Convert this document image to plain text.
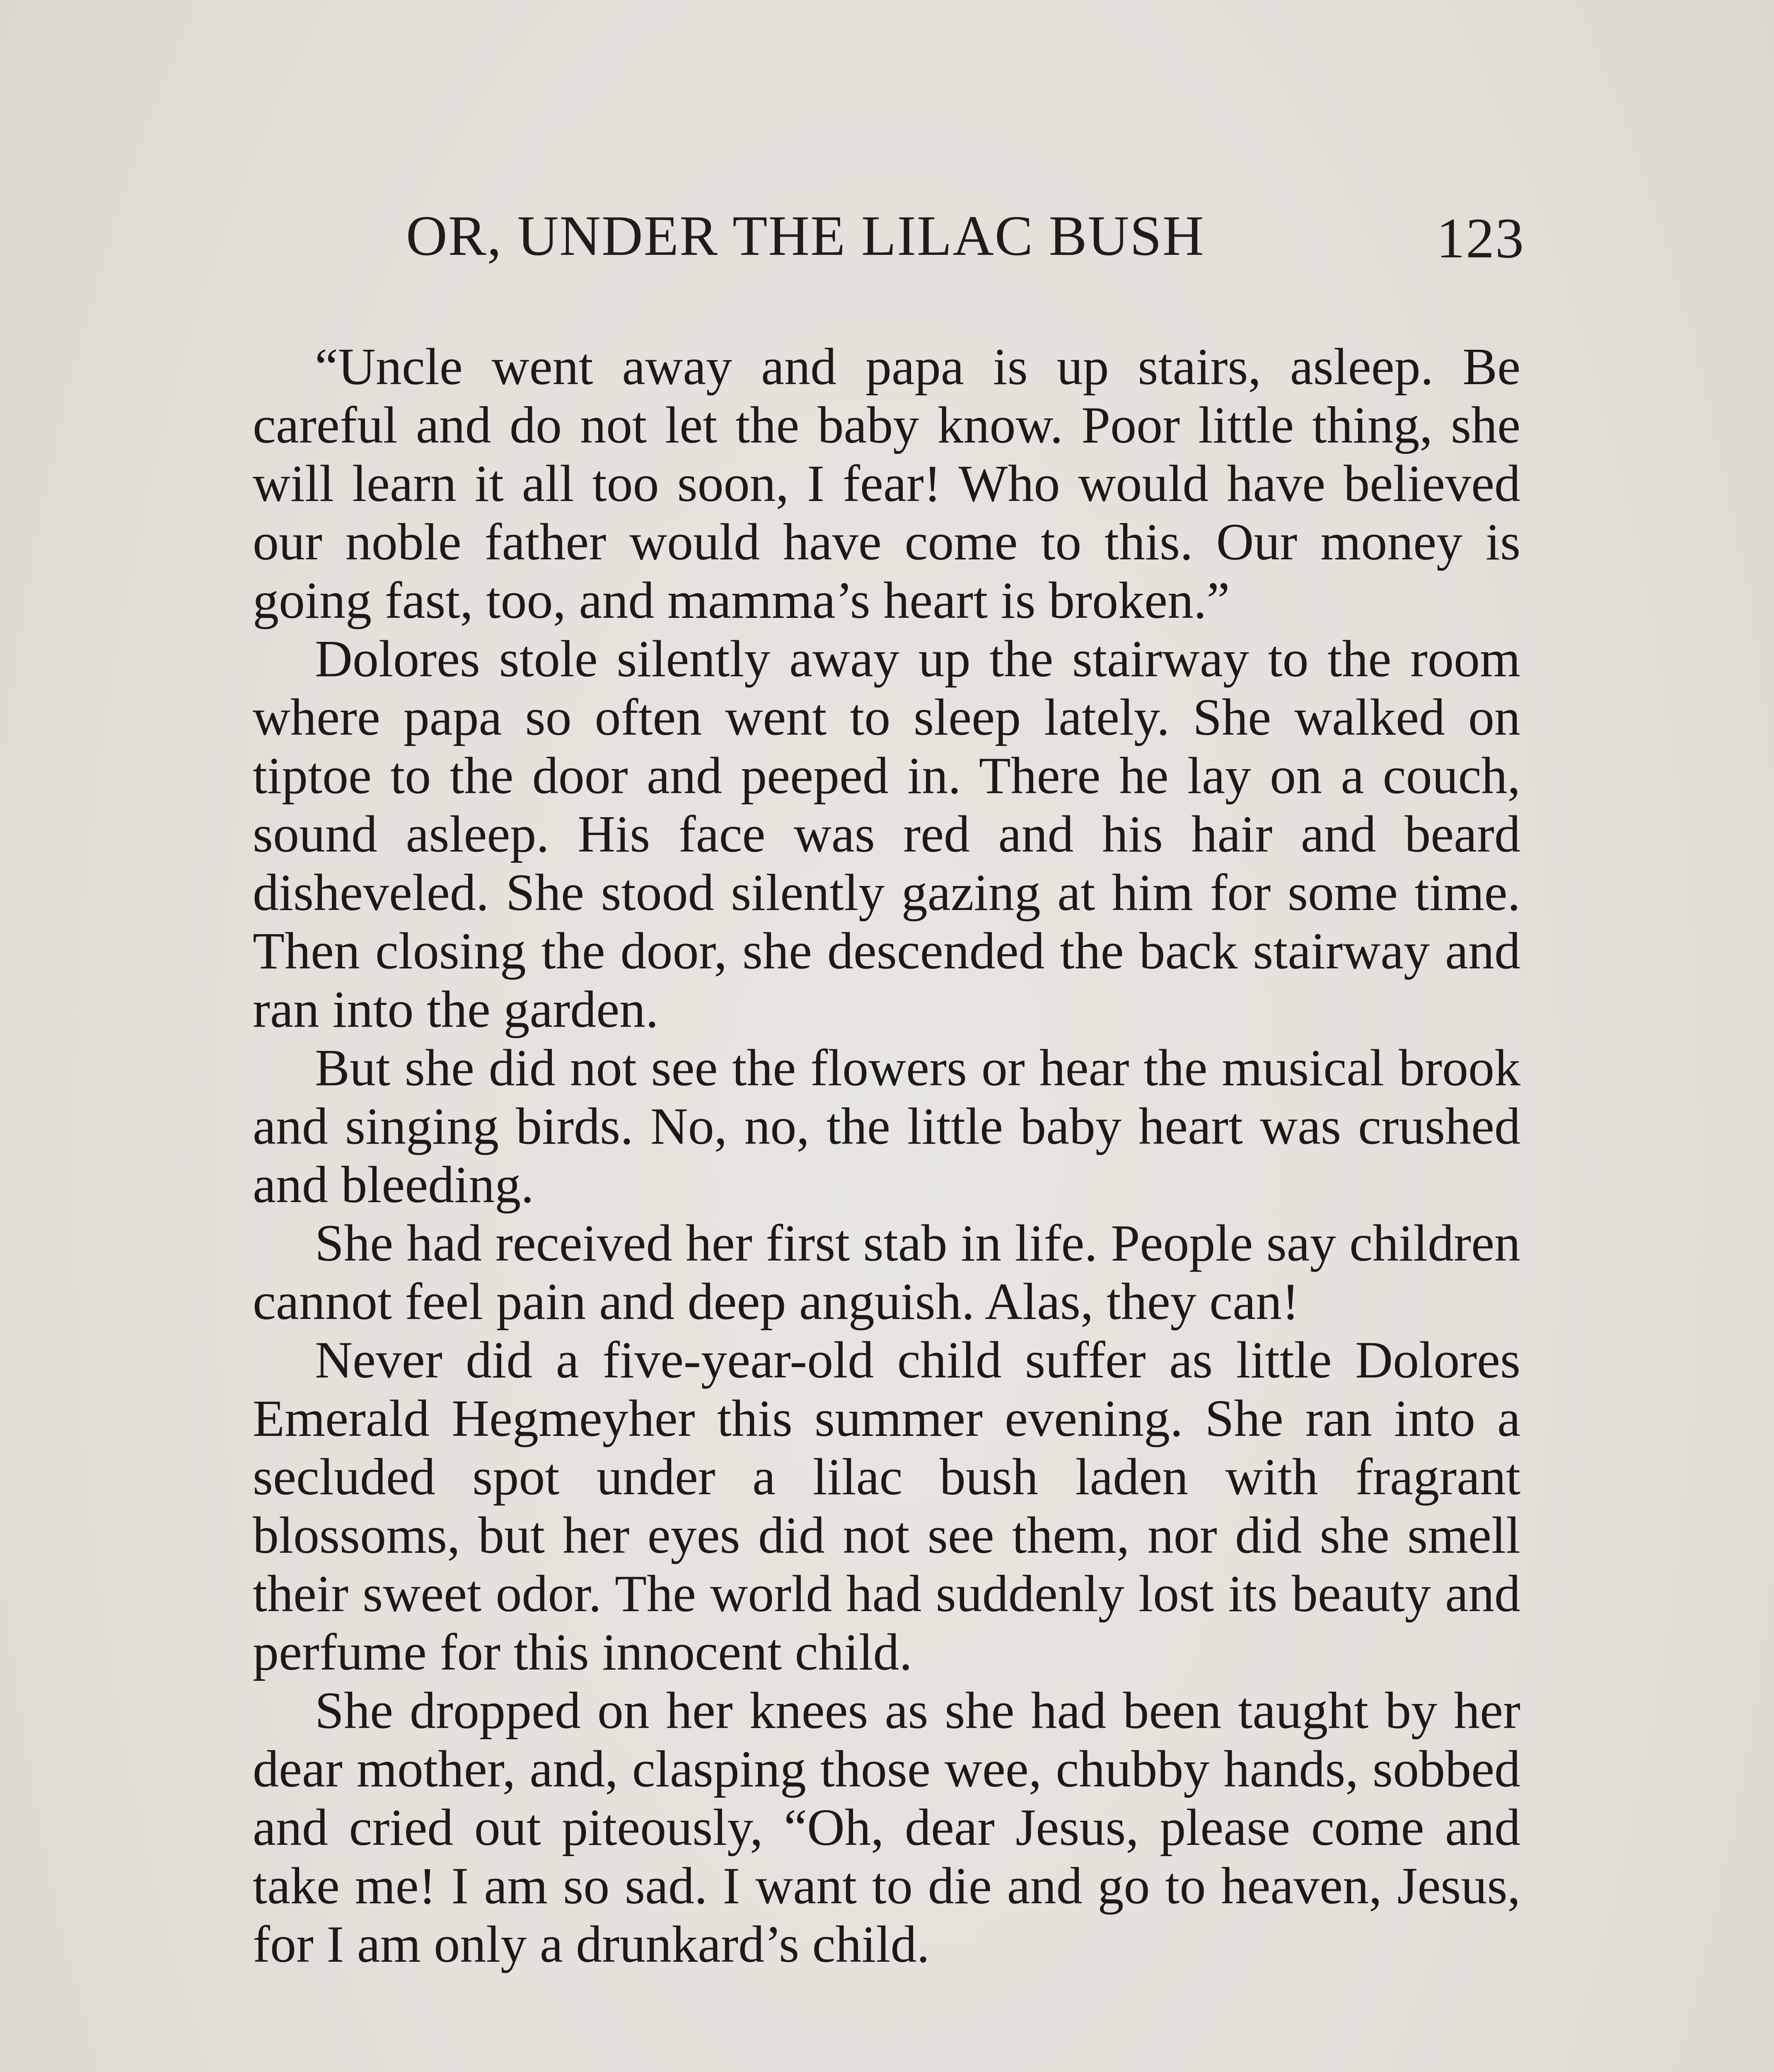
OR, UNDER THE LILAC BUSH	123

“Uncle went away and papa is up stairs, asleep. Be careful and do not let the baby know. Poor little thing, she will learn it all too soon, I fear! Who would have believed our noble father would have come to this. Our money is going fast, too, and mamma’s heart is broken.”

Dolores stole silently away up the stairway to the room where papa so often went to sleep lately. She walked on tiptoe to the door and peeped in. There he lay on a couch, sound asleep. His face was red and his hair and beard disheveled. She stood silently gazing at him for some time. Then closing the door, she descended the back stairway and ran into the garden.

But she did not see the flowers or hear the musical brook and singing birds. No, no, the little baby heart was crushed and bleeding.

She had received her first stab in life. People say children cannot feel pain and deep anguish. Alas, they can!

Never did a five-year-old child suffer as little Dolores Emerald Hegmeyher this summer evening. She ran into a secluded spot under a lilac bush laden with fragrant blossoms, but her eyes did not see them, nor did she smell their sweet odor. The world had suddenly lost its beauty and perfume for this innocent child.

She dropped on her knees as she had been taught by her dear mother, and, clasping those wee, chubby hands, sobbed and cried out piteously, “Oh, dear Jesus, please come and take me! I am so sad. I want to die and go to heaven, Jesus, for I am only a drunkard’s child.
